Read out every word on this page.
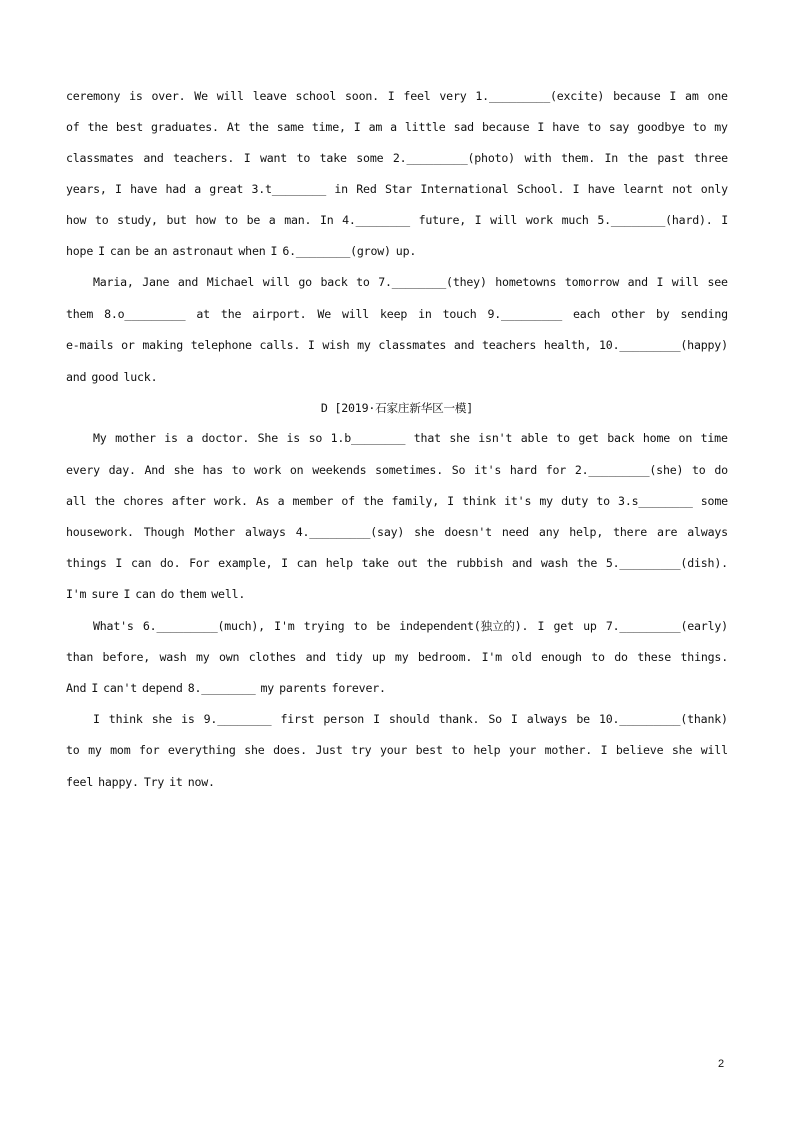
ceremony is over. We will leave school soon. I feel very 1._________(excite) because I am one
of the best graduates. At the same time, I am a little sad because I have to say goodbye to my
classmates and teachers. I want to take some 2._________(photo) with them. In the past three
years, I have had a great 3.t________ in Red Star International School. I have learnt not only
how to study, but how to be a man. In 4.________ future, I will work much 5.________(hard). I
hope I can be an astronaut when I 6.________(grow) up.
Maria, Jane and Michael will go back to 7.________(they) hometowns tomorrow and I will see
them 8.o_________ at the airport. We will keep in touch 9._________ each other by sending
e-mails or making telephone calls. I wish my classmates and teachers health, 10._________(happy)
and good luck.
D [2019·石家庄新华区一模]
My mother is a doctor. She is so 1.b________ that she isn't able to get back home on time
every day. And she has to work on weekends sometimes. So it's hard for 2._________(she) to do
all the chores after work. As a member of the family, I think it's my duty to 3.s________ some
housework. Though Mother always 4._________(say) she doesn't need any help, there are always
things I can do. For example, I can help take out the rubbish and wash the 5._________(dish).
I'm sure I can do them well.
What's 6._________(much), I'm trying to be independent(独立的). I get up 7._________(early)
than before, wash my own clothes and tidy up my bedroom. I'm old enough to do these things.
And I can't depend 8.________ my parents forever.
I think she is 9.________ first person I should thank. So I always be 10._________(thank)
to my mom for everything she does. Just try your best to help your mother. I believe she will
feel happy. Try it now.
2
